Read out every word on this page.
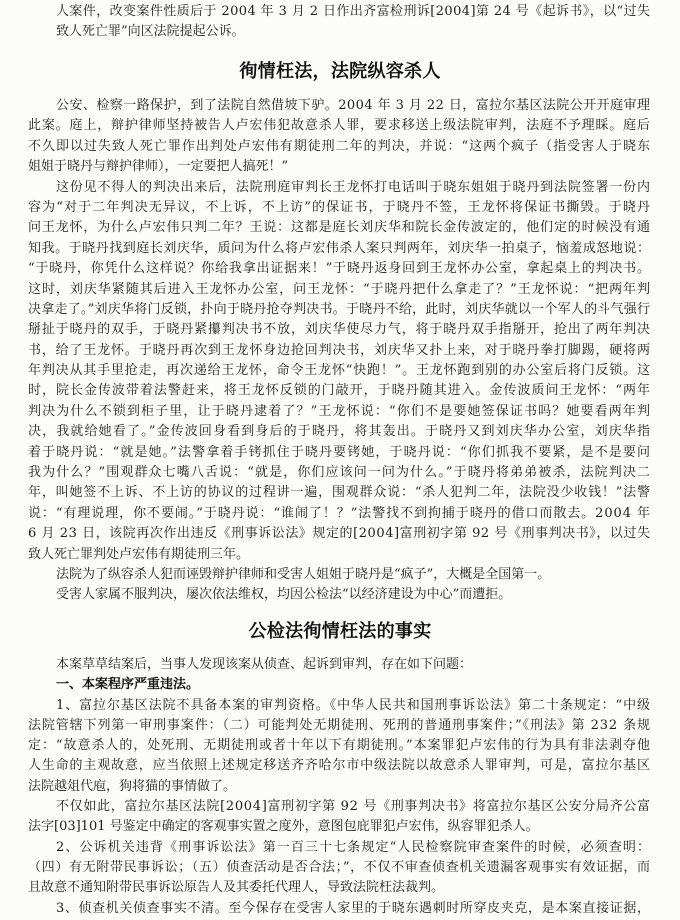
人案件，改变案件性质后于 2004 年 3 月 2 日作出齐富检刑诉[2004]第 24 号《起诉书》，以“过失
致人死亡罪”向区法院提起公诉。
徇情枉法，法院纵容杀人
公安、检察一路保护，到了法院自然借坡下驴。2004 年 3 月 22 日，富拉尔基区法院公开开庭审理
此案。庭上，辩护律师坚持被告人卢宏伟犯故意杀人罪，要求移送上级法院审判，法庭不予理睬。庭后
不久即以过失致人死亡罪作出判处卢宏伟有期徒刑二年的判决，并说：“这两个疯子（指受害人于晓东
姐姐于晓丹与辩护律师），一定要把人搞死！”
这份见不得人的判决出来后，法院刑庭审判长王龙怀打电话叫于晓东姐姐于晓丹到法院签署一份内
容为“对于二年判决无异议，不上诉，不上访”的保证书，于晓丹不签，王龙怀将保证书撕毁。于晓丹
问王龙怀，为什么卢宏伟只判二年？王说：这都是庭长刘庆华和院长金传波定的，他们定的时候没有通
知我。于晓丹找到庭长刘庆华，质问为什么将卢宏伟杀人案只判两年，刘庆华一拍桌子，恼羞成怒地说：
“于晓丹，你凭什么这样说？你给我拿出证据来！”于晓丹返身回到王龙怀办公室，拿起桌上的判决书。
这时，刘庆华紧随其后进入王龙怀办公室，问王龙怀：“于晓丹把什么拿走了？”王龙怀说：“把两年判
决拿走了。”刘庆华将门反锁，扑向于晓丹抢夺判决书。于晓丹不给，此时，刘庆华就以一个军人的斗气强行
掰扯于晓丹的双手，于晓丹紧攥判决书不放，刘庆华使尽力气，将于晓丹双手指掰开，抢出了两年判决
书，给了王龙怀。于晓丹再次到王龙怀身边抢回判决书，刘庆华又扑上来，对于晓丹拳打脚踢，硬将两
年判决从其手里抢走，再次递给王龙怀，命令王龙怀“快跑！”。王龙怀跑到别的办公室后将门反锁。这
时，院长金传波带着法警赶来，将王龙怀反锁的门敲开，于晓丹随其进入。金传波质问王龙怀：“两年
判决为什么不锁到柜子里，让于晓丹逮着了？”王龙怀说：“你们不是要她签保证书吗？她要看两年判
决，我就给她看了。”金传波回身看到身后的于晓丹，将其轰出。于晓丹又到刘庆华办公室，刘庆华指
着于晓丹说：“就是她。”法警拿着手铐抓住于晓丹要铐她，于晓丹说：“你们抓我不要紧，是不是要问
我为什么？”围观群众七嘴八舌说：“就是，你们应该问一问为什么。”于晓丹将弟弟被杀，法院判决二
年，叫她签不上诉、不上访的协议的过程讲一遍，围观群众说：“杀人犯判二年，法院没少收钱！”法警
说：“有理说理，你不要闹。”于晓丹说：“谁闹了！？”法警找不到拘捕于晓丹的借口而散去。2004 年
6 月 23 日，该院再次作出违反《刑事诉讼法》规定的[2004]富刑初字第 92 号《刑事判决书》，以过失
致人死亡罪判处卢宏伟有期徒刑三年。
法院为了纵容杀人犯而诬毁辩护律师和受害人姐姐于晓丹是“疯子”，大概是全国第一。
受害人家属不服判决，屡次依法维权，均因公检法“以经济建设为中心”而遭拒。
公检法徇情枉法的事实
本案草草结案后，当事人发现该案从侦查、起诉到审判，存在如下问题：
一、本案程序严重违法。
1、富拉尔基区法院不具备本案的审判资格。《中华人民共和国刑事诉讼法》第二十条规定：“中级
法院管辖下列第一审刑事案件：（二）可能判处无期徒刑、死刑的普通刑事案件；”《刑法》第 232 条规
定：“故意杀人的，处死刑、无期徒刑或者十年以下有期徒刑。”本案罪犯卢宏伟的行为具有非法剥夺他
人生命的主观故意，应当依照上述规定移送齐齐哈尔市中级法院以故意杀人罪审判，可是，富拉尔基区
法院越俎代庖，狗将猫的事情做了。
不仅如此，富拉尔基区法院[2004]富刑初字第 92 号《刑事判决书》将富拉尔基区公安分局齐公富
法字[03]101 号鉴定中确定的客观事实置之度外，意图包庇罪犯卢宏伟，纵容罪犯杀人。
2、公诉机关违背《刑事诉讼法》第一百三十七条规定“人民检察院审查案件的时候，必须查明：
（四）有无附带民事诉讼；（五）侦查活动是否合法；”，不仅不审查侦查机关遗漏客观事实有效证据，而
且故意不通知附带民事诉讼原告人及其委托代理人，导致法院枉法裁判。
3、侦查机关侦查事实不清。至今保存在受害人家里的于晓东遇刺时所穿皮夹克，是本案直接证据，
